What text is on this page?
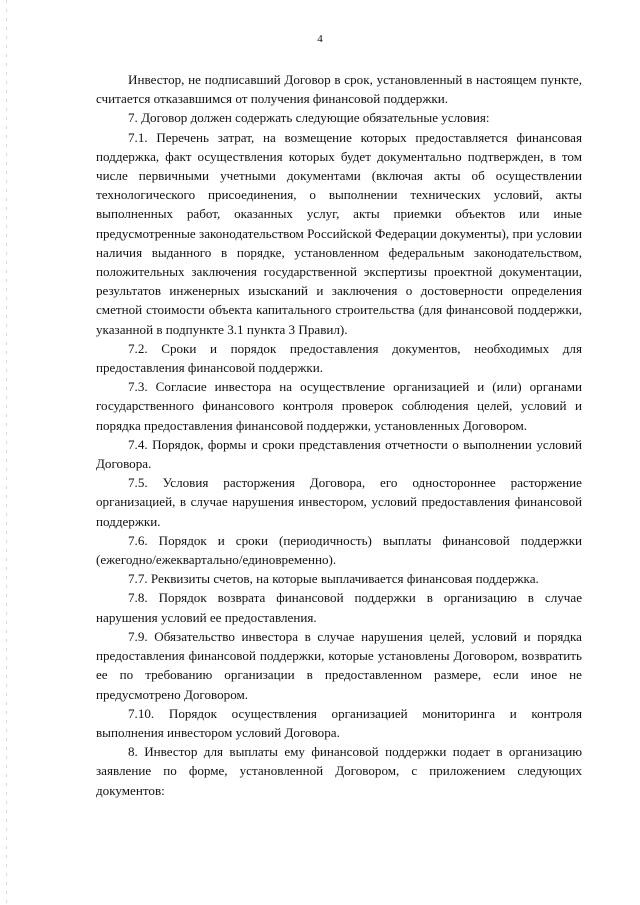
4

Инвестор, не подписавший Договор в срок, установленный в настоящем пункте, считается отказавшимся от получения финансовой поддержки.

7. Договор должен содержать следующие обязательные условия:

7.1. Перечень затрат, на возмещение которых предоставляется финансовая поддержка, факт осуществления которых будет документально подтвержден, в том числе первичными учетными документами (включая акты об осуществлении технологического присоединения, о выполнении технических условий, акты выполненных работ, оказанных услуг, акты приемки объектов или иные предусмотренные законодательством Российской Федерации документы), при условии наличия выданного в порядке, установленном федеральным законодательством, положительных заключения государственной экспертизы проектной документации, результатов инженерных изысканий и заключения о достоверности определения сметной стоимости объекта капитального строительства (для финансовой поддержки, указанной в подпункте 3.1 пункта 3 Правил).

7.2. Сроки и порядок предоставления документов, необходимых для предоставления финансовой поддержки.

7.3. Согласие инвестора на осуществление организацией и (или) органами государственного финансового контроля проверок соблюдения целей, условий и порядка предоставления финансовой поддержки, установленных Договором.

7.4. Порядок, формы и сроки представления отчетности о выполнении условий Договора.

7.5. Условия расторжения Договора, его одностороннее расторжение организацией, в случае нарушения инвестором, условий предоставления финансовой поддержки.

7.6. Порядок и сроки (периодичность) выплаты финансовой поддержки (ежегодно/ежеквартально/единовременно).

7.7. Реквизиты счетов, на которые выплачивается финансовая поддержка.

7.8. Порядок возврата финансовой поддержки в организацию в случае нарушения условий ее предоставления.

7.9. Обязательство инвестора в случае нарушения целей, условий и порядка предоставления финансовой поддержки, которые установлены Договором, возвратить ее по требованию организации в предоставленном размере, если иное не предусмотрено Договором.

7.10. Порядок осуществления организацией мониторинга и контроля выполнения инвестором условий Договора.

8. Инвестор для выплаты ему финансовой поддержки подает в организацию заявление по форме, установленной Договором, с приложением следующих документов:
